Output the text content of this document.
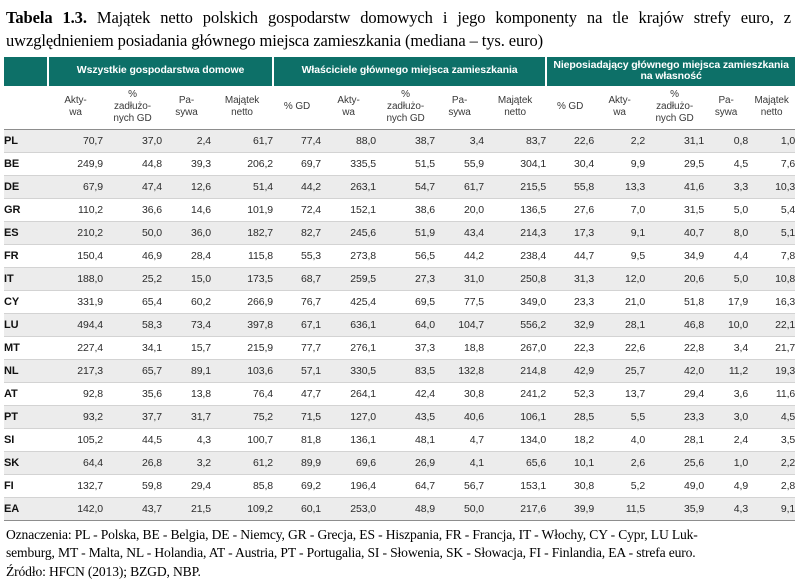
Tabela 1.3. Majątek netto polskich gospodarstw domowych i jego komponenty na tle krajów strefy euro, z uwzględnieniem posiadania głównego miejsca zamieszkania (mediana – tys. euro)
	Wszystkie gospodarstwa domowe				Właściciele głównego miejsca zamieszkania					Nieposiadający głównego miejsca zamieszkania na własność				

	Akty-
wa	%
zadłużo-
nych GD	Pa-
sywa	Majątek
netto	% GD	Akty-
wa	%
zadłużo-
nych GD	Pa-
sywa	Majątek
netto	% GD	Akty-
wa	%
zadłużo-
nych GD	Pa-
sywa	Majątek
netto

PL	70,7	37,0	2,4	61,7	77,4	88,0	38,7	3,4	83,7	22,6	2,2	31,1	0,8	1,0
BE	249,9	44,8	39,3	206,2	69,7	335,5	51,5	55,9	304,1	30,4	9,9	29,5	4,5	7,6
DE	67,9	47,4	12,6	51,4	44,2	263,1	54,7	61,7	215,5	55,8	13,3	41,6	3,3	10,3
GR	110,2	36,6	14,6	101,9	72,4	152,1	38,6	20,0	136,5	27,6	7,0	31,5	5,0	5,4
ES	210,2	50,0	36,0	182,7	82,7	245,6	51,9	43,4	214,3	17,3	9,1	40,7	8,0	5,1
FR	150,4	46,9	28,4	115,8	55,3	273,8	56,5	44,2	238,4	44,7	9,5	34,9	4,4	7,8
IT	188,0	25,2	15,0	173,5	68,7	259,5	27,3	31,0	250,8	31,3	12,0	20,6	5,0	10,8
CY	331,9	65,4	60,2	266,9	76,7	425,4	69,5	77,5	349,0	23,3	21,0	51,8	17,9	16,3
LU	494,4	58,3	73,4	397,8	67,1	636,1	64,0	104,7	556,2	32,9	28,1	46,8	10,0	22,1
MT	227,4	34,1	15,7	215,9	77,7	276,1	37,3	18,8	267,0	22,3	22,6	22,8	3,4	21,7
NL	217,3	65,7	89,1	103,6	57,1	330,5	83,5	132,8	214,8	42,9	25,7	42,0	11,2	19,3
AT	92,8	35,6	13,8	76,4	47,7	264,1	42,4	30,8	241,2	52,3	13,7	29,4	3,6	11,6
PT	93,2	37,7	31,7	75,2	71,5	127,0	43,5	40,6	106,1	28,5	5,5	23,3	3,0	4,5
SI	105,2	44,5	4,3	100,7	81,8	136,1	48,1	4,7	134,0	18,2	4,0	28,1	2,4	3,5
SK	64,4	26,8	3,2	61,2	89,9	69,6	26,9	4,1	65,6	10,1	2,6	25,6	1,0	2,2
FI	132,7	59,8	29,4	85,8	69,2	196,4	64,7	56,7	153,1	30,8	5,2	49,0	4,9	2,8
EA	142,0	43,7	21,5	109,2	60,1	253,0	48,9	50,0	217,6	39,9	11,5	35,9	4,3	9,1
Oznaczenia: PL - Polska, BE - Belgia, DE - Niemcy, GR - Grecja, ES - Hiszpania, FR - Francja, IT - Włochy, CY - Cypr, LU Luk-
semburg, MT - Malta, NL - Holandia, AT - Austria, PT - Portugalia, SI - Słowenia, SK - Słowacja, FI - Finlandia, EA - strefa euro.
Źródło: HFCN (2013); BZGD, NBP.
